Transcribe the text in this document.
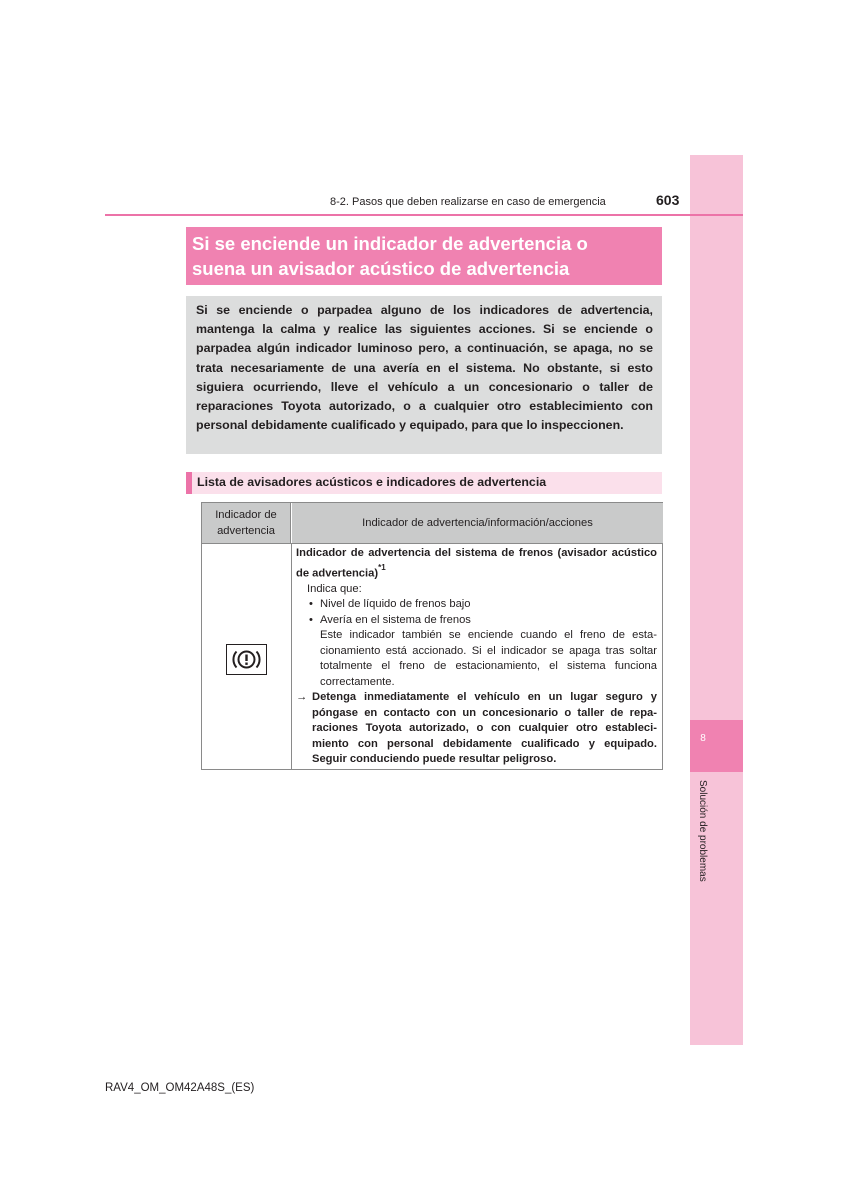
8
Solución de problemas
8-2. Pasos que deben realizarse en caso de emergencia	603
Si se enciende un indicador de advertencia o
suena un avisador acústico de advertencia

Si se enciende o parpadea alguno de los indicadores de advertencia, mantenga la calma y realice las siguientes acciones. Si se enciende o parpadea algún indicador luminoso pero, a continuación, se apaga, no se trata necesariamente de una avería en el sistema. No obstante, si esto siguiera ocurriendo, lleve el vehículo a un concesionario o taller de reparaciones Toyota autorizado, o a cualquier otro establecimiento con personal debidamente cualificado y equipado, para que lo inspeccionen.

Lista de avisadores acústicos e indicadores de advertencia
Indicador de advertencia
Indicador de advertencia/información/acciones
Indicador de advertencia del sistema de frenos (avisador acústico de advertencia)$^{*1}$
Indica que:
• Nivel de líquido de frenos bajo
• Avería en el sistema de frenos
Este indicador también se enciende cuando el freno de estacionamiento está accionado. Si el indicador se apaga tras soltar totalmente el freno de estacionamiento, el sistema funciona correctamente.
→ Detenga inmediatamente el vehículo en un lugar seguro y póngase en contacto con un concesionario o taller de reparaciones Toyota autorizado, o con cualquier otro establecimiento con personal debidamente cualificado y equipado. Seguir conduciendo puede resultar peligroso.
RAV4_OM_OM42A48S_(ES)
